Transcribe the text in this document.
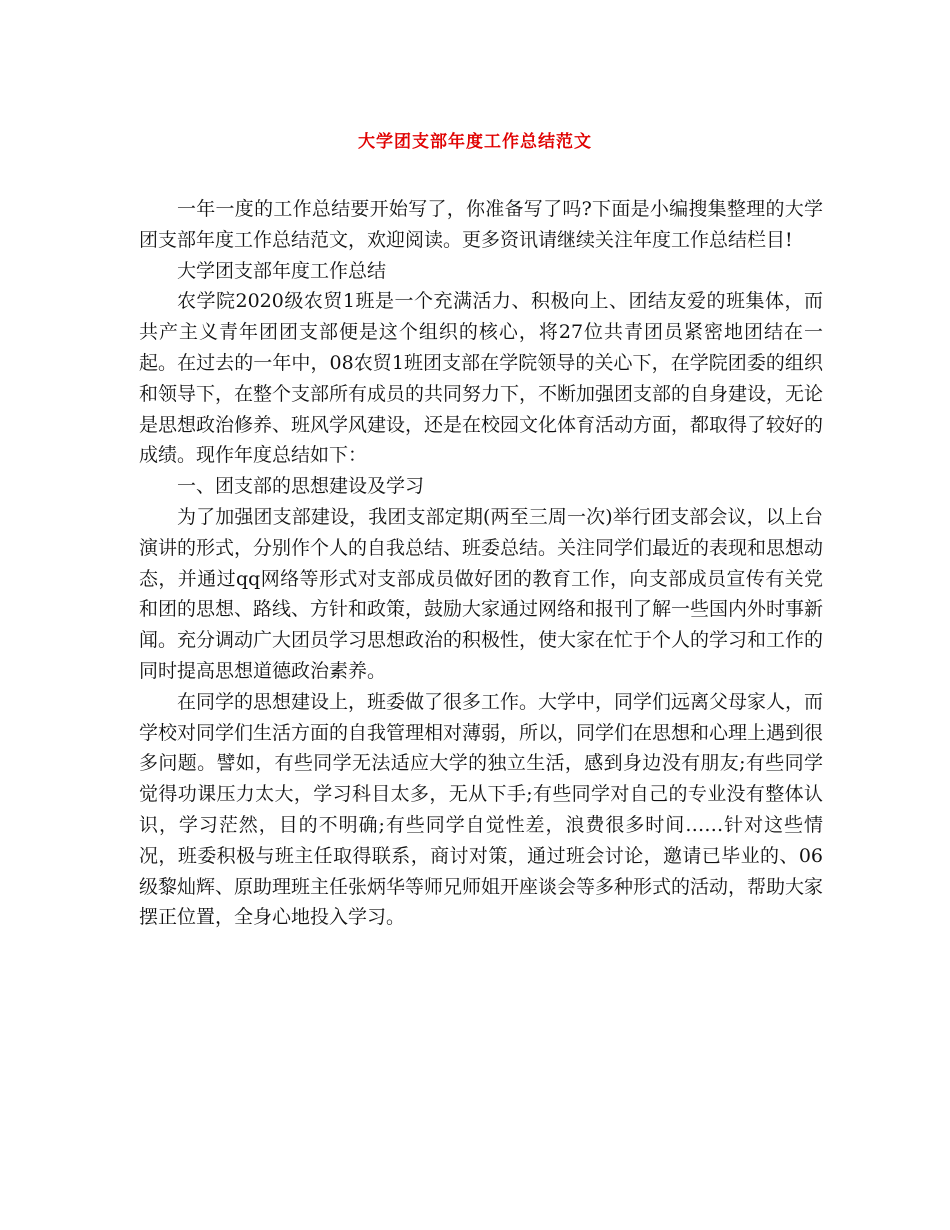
大学团支部年度工作总结范文

一年一度的工作总结要开始写了，你准备写了吗?下面是小编搜集整理的大学团支部年度工作总结范文，欢迎阅读。更多资讯请继续关注年度工作总结栏目!

大学团支部年度工作总结

农学院2020级农贸1班是一个充满活力、积极向上、团结友爱的班集体，而共产主义青年团团支部便是这个组织的核心，将27位共青团员紧密地团结在一起。在过去的一年中，08农贸1班团支部在学院领导的关心下，在学院团委的组织和领导下，在整个支部所有成员的共同努力下，不断加强团支部的自身建设，无论是思想政治修养、班风学风建设，还是在校园文化体育活动方面，都取得了较好的成绩。现作年度总结如下：

一、团支部的思想建设及学习

为了加强团支部建设，我团支部定期(两至三周一次)举行团支部会议，以上台演讲的形式，分别作个人的自我总结、班委总结。关注同学们最近的表现和思想动态，并通过qq网络等形式对支部成员做好团的教育工作，向支部成员宣传有关党和团的思想、路线、方针和政策，鼓励大家通过网络和报刊了解一些国内外时事新闻。充分调动广大团员学习思想政治的积极性，使大家在忙于个人的学习和工作的同时提高思想道德政治素养。

在同学的思想建设上，班委做了很多工作。大学中，同学们远离父母家人，而学校对同学们生活方面的自我管理相对薄弱，所以，同学们在思想和心理上遇到很多问题。譬如，有些同学无法适应大学的独立生活，感到身边没有朋友;有些同学觉得功课压力太大，学习科目太多，无从下手;有些同学对自己的专业没有整体认识，学习茫然，目的不明确;有些同学自觉性差，浪费很多时间……针对这些情况，班委积极与班主任取得联系，商讨对策，通过班会讨论，邀请已毕业的、06级黎灿辉、原助理班主任张炳华等师兄师姐开座谈会等多种形式的活动，帮助大家摆正位置，全身心地投入学习。
